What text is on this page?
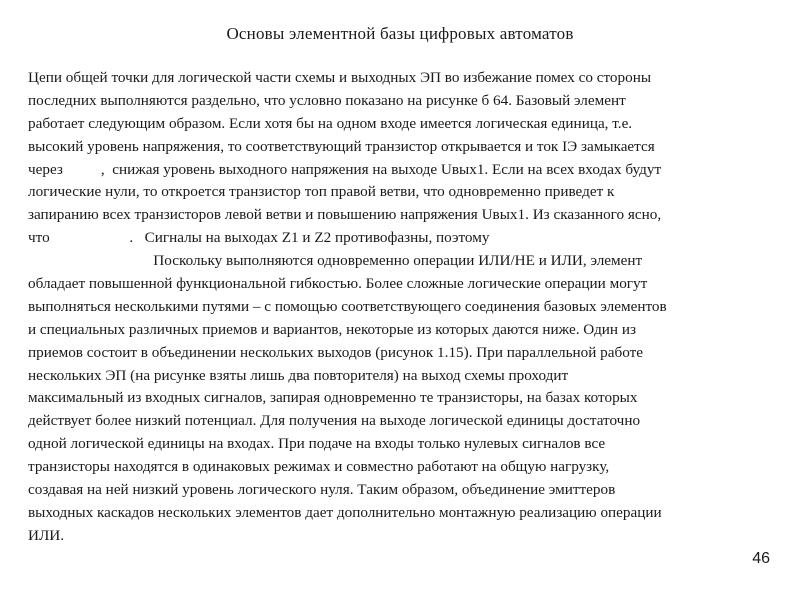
Основы элементной базы цифровых автоматов
Цепи общей точки для логической части схемы и выходных ЭП во избежание помех со стороны
последних выполняются раздельно, что условно показано на рисунке б 64. Базовый элемент
работает следующим образом. Если хотя бы на одном входе имеется логическая единица, т.е.
высокий уровень напряжения, то соответствующий транзистор открывается и ток IЭ замыкается
через          ,  снижая уровень выходного напряжения на выходе Uвых1. Если на всех входах будут
логические нули, то откроется транзистор топ правой ветви, что одновременно приведет к
запиранию всех транзисторов левой ветви и повышению напряжения Uвых1. Из сказанного ясно,
что                     .   Сигналы на выходах Z1 и Z2 противофазны, поэтому
Поскольку выполняются одновременно операции ИЛИ/НЕ и ИЛИ, элемент
обладает повышенной функциональной гибкостью. Более сложные логические операции могут
выполняться несколькими путями – с помощью соответствующего соединения базовых элементов
и специальных различных приемов и вариантов, некоторые из которых даются ниже. Один из
приемов состоит в объединении нескольких выходов (рисунок 1.15). При параллельной работе
нескольких ЭП (на рисунке взяты лишь два повторителя) на выход схемы проходит
максимальный из входных сигналов, запирая одновременно те транзисторы, на базах которых
действует более низкий потенциал. Для получения на выходе логической единицы достаточно
одной логической единицы на входах. При подаче на входы только нулевых сигналов все
транзисторы находятся в одинаковых режимах и совместно работают на общую нагрузку,
создавая на ней низкий уровень логического нуля. Таким образом, объединение эмиттеров
выходных каскадов нескольких элементов дает дополнительно монтажную реализацию операции
ИЛИ.
46
